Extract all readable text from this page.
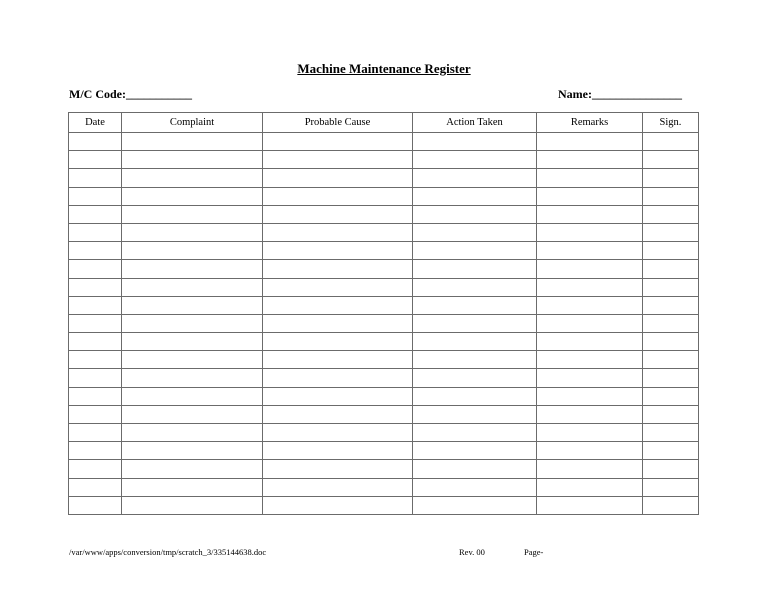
Machine Maintenance Register
M/C Code:___________	Name:_______________
Date	Complaint	Probable Cause	Action Taken	Remarks	Sign.

/var/www/apps/conversion/tmp/scratch_3/335144638.doc	Rev. 00	Page-
